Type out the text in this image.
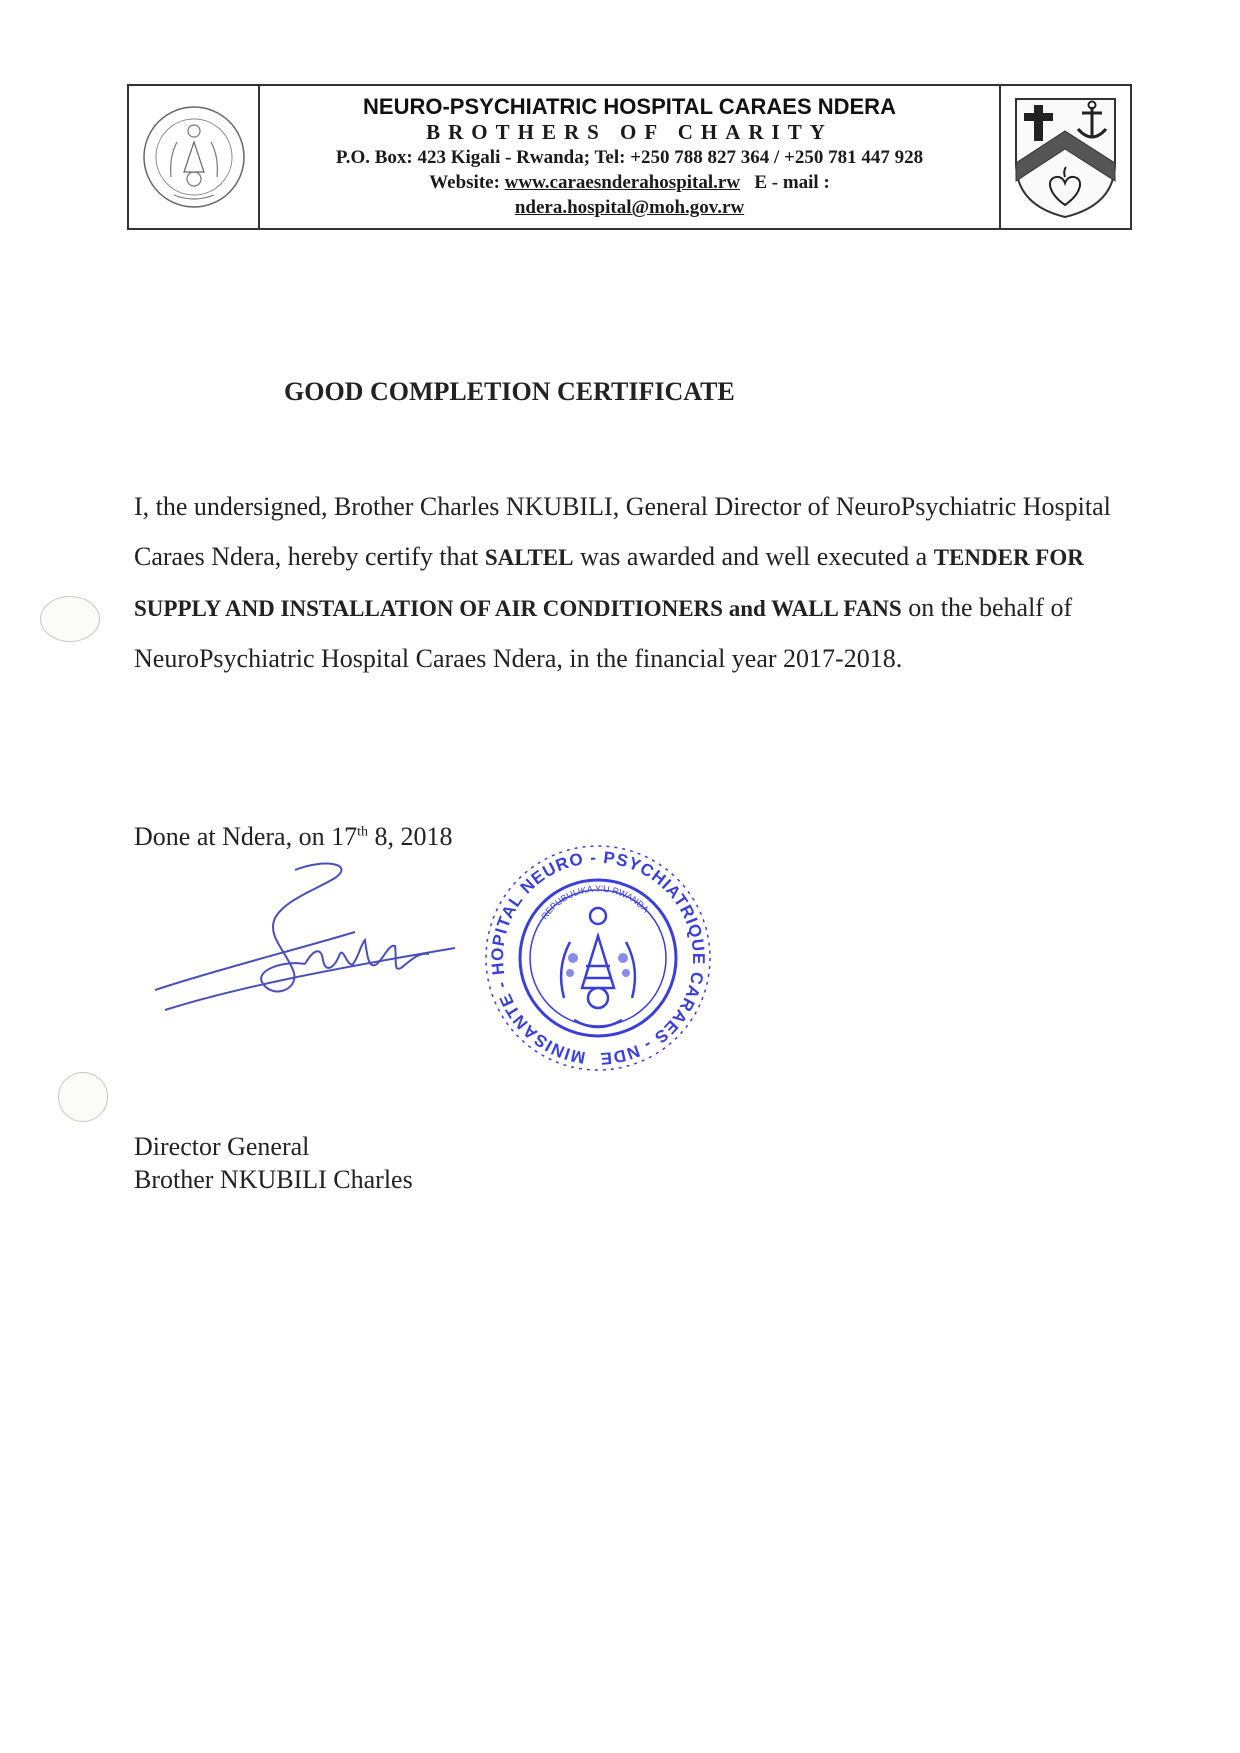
NEURO-PSYCHIATRIC HOSPITAL CARAES NDERA
BROTHERS OF CHARITY
P.O. Box: 423 Kigali - Rwanda; Tel: +250 788 827 364 / +250 781 447 928
Website: www.caraesnderahospital.rw E - mail :
ndera.hospital@moh.gov.rw
GOOD COMPLETION CERTIFICATE
I, the undersigned, Brother Charles NKUBILI, General Director of NeuroPsychiatric Hospital Caraes Ndera, hereby certify that SALTEL was awarded and well executed a TENDER FOR SUPPLY AND INSTALLATION OF AIR CONDITIONERS and WALL FANS on the behalf of NeuroPsychiatric Hospital Caraes Ndera, in the financial year 2017-2018.
Done at Ndera, on 17th 8, 2018
MINISANTE - HOPITAL NEURO - PSYCHIATRIQUE CARAES - NDE
REPUBULIKA Y'U RWANDA
Director General
Brother NKUBILI Charles
